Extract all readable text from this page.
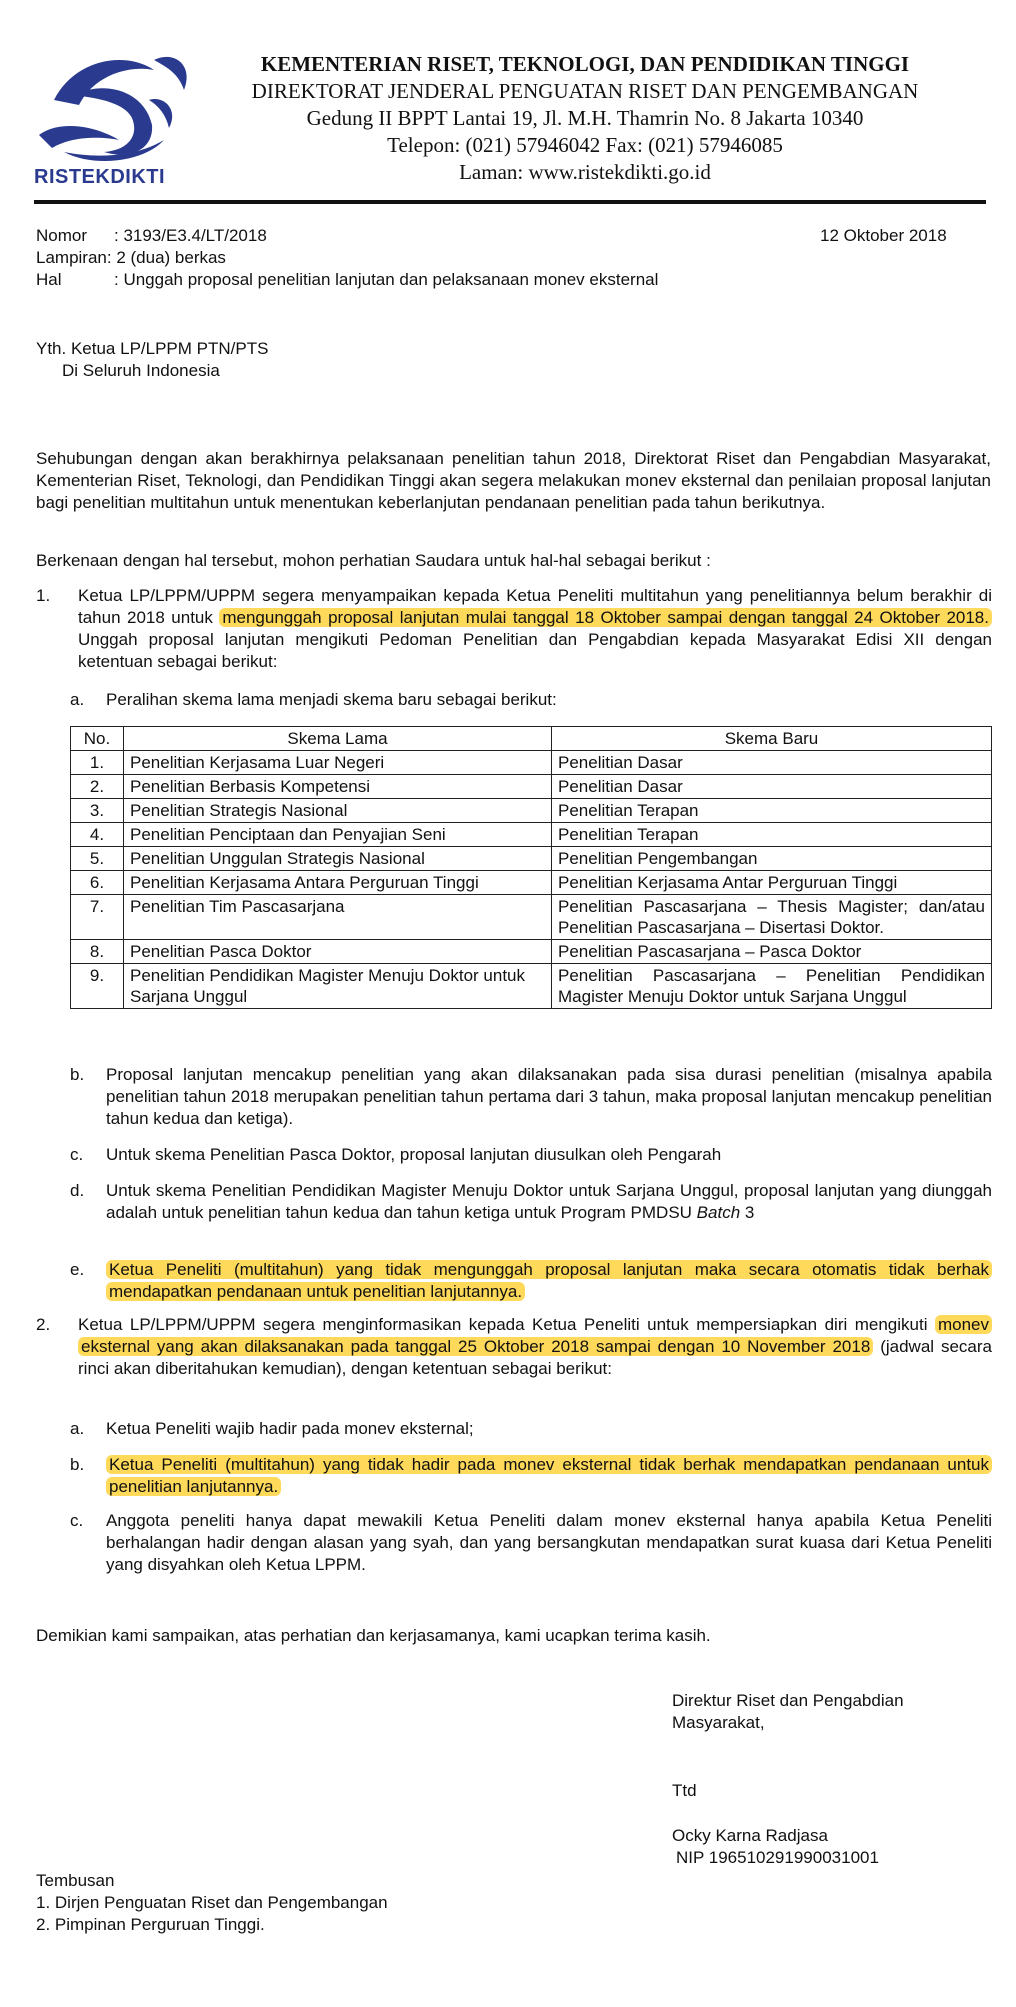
RISTEKDIKTI
KEMENTERIAN RISET, TEKNOLOGI, DAN PENDIDIKAN TINGGI
DIREKTORAT JENDERAL PENGUATAN RISET DAN PENGEMBANGAN
Gedung II BPPT Lantai 19, Jl. M.H. Thamrin No. 8 Jakarta 10340
Telepon: (021) 57946042 Fax: (021) 57946085
Laman: www.ristekdikti.go.id
Nomor : 3193/E3.4/LT/2018	12 Oktober 2018
Lampiran: 2 (dua) berkas
Hal	: Unggah proposal penelitian lanjutan dan pelaksanaan monev eksternal
Yth. Ketua LP/LPPM PTN/PTS
Di Seluruh Indonesia
Sehubungan dengan akan berakhirnya pelaksanaan penelitian tahun 2018, Direktorat Riset dan Pengabdian Masyarakat, Kementerian Riset, Teknologi, dan Pendidikan Tinggi akan segera melakukan monev eksternal dan penilaian proposal lanjutan bagi penelitian multitahun untuk menentukan keberlanjutan pendanaan penelitian pada tahun berikutnya.
Berkenaan dengan hal tersebut, mohon perhatian Saudara untuk hal-hal sebagai berikut :
1. Ketua LP/LPPM/UPPM segera menyampaikan kepada Ketua Peneliti multitahun yang penelitiannya belum berakhir di tahun 2018 untuk mengunggah proposal lanjutan mulai tanggal 18 Oktober sampai dengan tanggal 24 Oktober 2018. Unggah proposal lanjutan mengikuti Pedoman Penelitian dan Pengabdian kepada Masyarakat Edisi XII dengan ketentuan sebagai berikut:
a. Peralihan skema lama menjadi skema baru sebagai berikut:
No.	Skema Lama	Skema Baru
1.	Penelitian Kerjasama Luar Negeri	Penelitian Dasar
2.	Penelitian Berbasis Kompetensi	Penelitian Dasar
3.	Penelitian Strategis Nasional	Penelitian Terapan
4.	Penelitian Penciptaan dan Penyajian Seni	Penelitian Terapan
5.	Penelitian Unggulan Strategis Nasional	Penelitian Pengembangan
6.	Penelitian Kerjasama Antara Perguruan Tinggi	Penelitian Kerjasama Antar Perguruan Tinggi
7.	Penelitian Tim Pascasarjana	Penelitian Pascasarjana – Thesis Magister; dan/atau Penelitian Pascasarjana – Disertasi Doktor.
8.	Penelitian Pasca Doktor	Penelitian Pascasarjana – Pasca Doktor
9.	Penelitian Pendidikan Magister Menuju Doktor untuk Sarjana Unggul	Penelitian Pascasarjana – Penelitian Pendidikan Magister Menuju Doktor untuk Sarjana Unggul
b. Proposal lanjutan mencakup penelitian yang akan dilaksanakan pada sisa durasi penelitian (misalnya apabila penelitian tahun 2018 merupakan penelitian tahun pertama dari 3 tahun, maka proposal lanjutan mencakup penelitian tahun kedua dan ketiga).
c. Untuk skema Penelitian Pasca Doktor, proposal lanjutan diusulkan oleh Pengarah
d. Untuk skema Penelitian Pendidikan Magister Menuju Doktor untuk Sarjana Unggul, proposal lanjutan yang diunggah adalah untuk penelitian tahun kedua dan tahun ketiga untuk Program PMDSU Batch 3
e. Ketua Peneliti (multitahun) yang tidak mengunggah proposal lanjutan maka secara otomatis tidak berhak mendapatkan pendanaan untuk penelitian lanjutannya.
2. Ketua LP/LPPM/UPPM segera menginformasikan kepada Ketua Peneliti untuk mempersiapkan diri mengikuti monev eksternal yang akan dilaksanakan pada tanggal 25 Oktober 2018 sampai dengan 10 November 2018 (jadwal secara rinci akan diberitahukan kemudian), dengan ketentuan sebagai berikut:
a. Ketua Peneliti wajib hadir pada monev eksternal;
b. Ketua Peneliti (multitahun) yang tidak hadir pada monev eksternal tidak berhak mendapatkan pendanaan untuk penelitian lanjutannya.
c. Anggota peneliti hanya dapat mewakili Ketua Peneliti dalam monev eksternal hanya apabila Ketua Peneliti berhalangan hadir dengan alasan yang syah, dan yang bersangkutan mendapatkan surat kuasa dari Ketua Peneliti yang disyahkan oleh Ketua LPPM.
Demikian kami sampaikan, atas perhatian dan kerjasamanya, kami ucapkan terima kasih.
Direktur Riset dan Pengabdian
Masyarakat,
Ttd
Ocky Karna Radjasa
NIP 196510291990031001
Tembusan
1. Dirjen Penguatan Riset dan Pengembangan
2. Pimpinan Perguruan Tinggi.
